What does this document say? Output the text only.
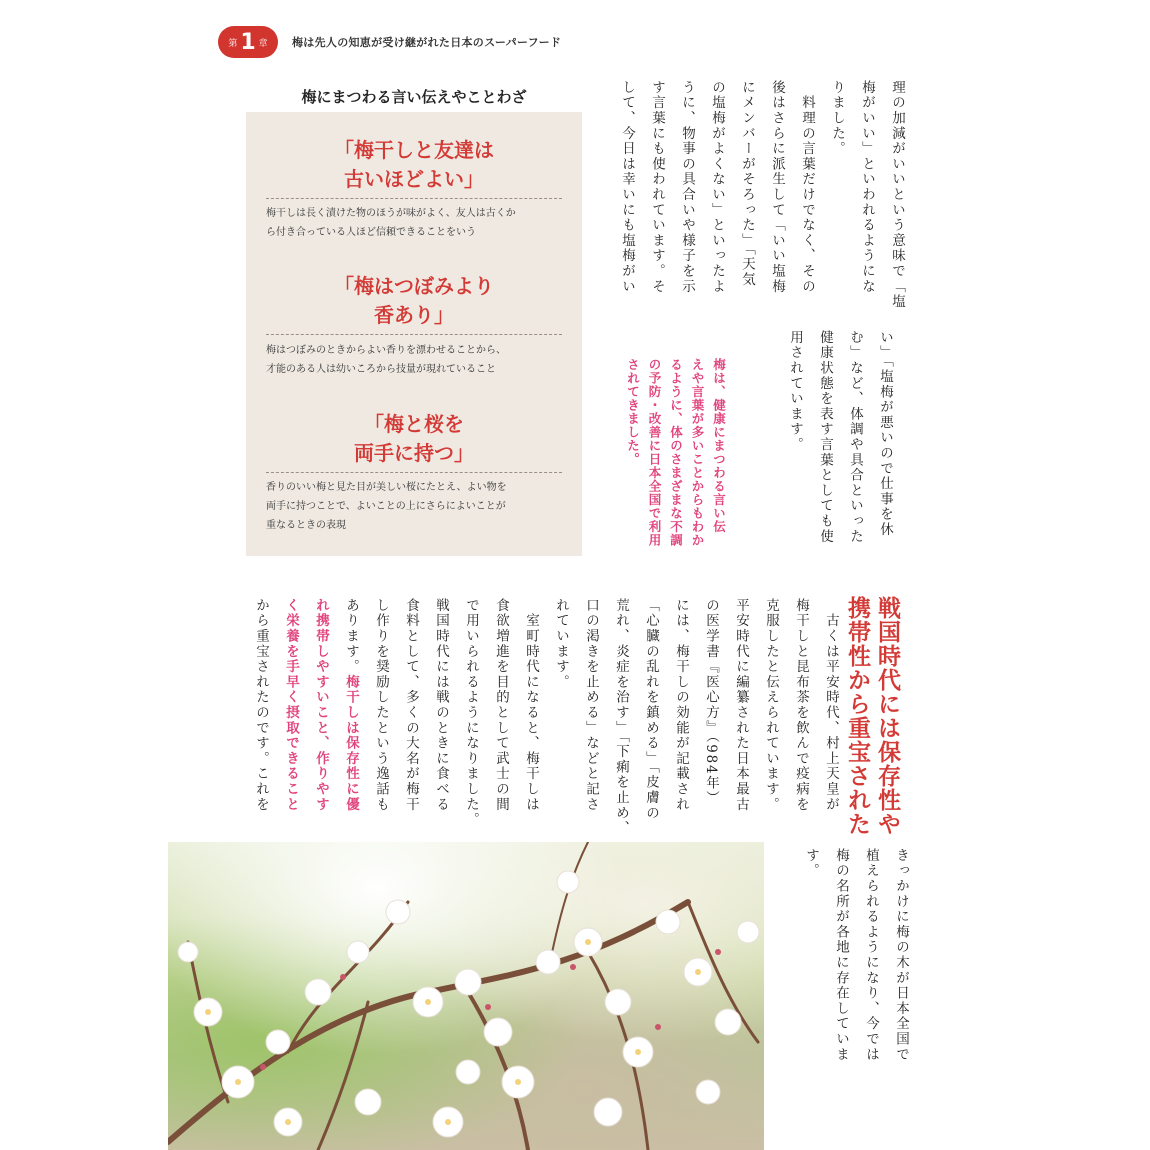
第 1 章 梅は先人の知恵が受け継がれた日本のスーパーフード
梅にまつわる言い伝えやことわざ
「梅干しと友達は
古いほどよい」
梅干しは長く漬けた物のほうが味がよく、友人は古くか
ら付き合っている人ほど信頼できることをいう
「梅はつぼみより
香あり」
梅はつぼみのときからよい香りを漂わせることから、
才能のある人は幼いころから技量が現れていること
「梅と桜を
両手に持つ」
香りのいい梅と見た目が美しい桜にたとえ、よい物を
両手に持つことで、よいことの上にさらによいことが
重なるときの表現
理の加減がいいという意味で「塩
梅がいい」といわれるようにな
りました。
　料理の言葉だけでなく、その
後はさらに派生して「いい塩梅
にメンバーがそろった」「天気
の塩梅がよくない」といったよ
うに、物事の具合いや様子を示
す言葉にも使われています。そ
して、今日は幸いにも塩梅がい
い」「塩梅が悪いので仕事を休
む」など、体調や具合といった
健康状態を表す言葉としても使
用されています。
梅は、健康にまつわる言い伝
えや言葉が多いことからもわか
るように、体のさまざまな不調
の予防・改善に日本全国で利用
されてきました。
戦国時代には保存性や
携帯性から重宝された
　古くは平安時代、村上天皇が
梅干しと昆布茶を飲んで疫病を
克服したと伝えられています。
平安時代に編纂された日本最古
の医学書『医心方』（984年）
には、梅干しの効能が記載され
「心臓の乱れを鎮める」「皮膚の
荒れ、炎症を治す」「下痢を止め、
口の渇きを止める」などと記さ
れています。
　室町時代になると、梅干しは
食欲増進を目的として武士の間
で用いられるようになりました。
戦国時代には戦のときに食べる
食料として、多くの大名が梅干
し作りを奨励したという逸話も
あります。梅干しは保存性に優
れ携帯しやすいこと、作りやす
く栄養を手早く摂取できること
から重宝されたのです。これを
きっかけに梅の木が日本全国で
植えられるようになり、今では
梅の名所が各地に存在していま
す。
